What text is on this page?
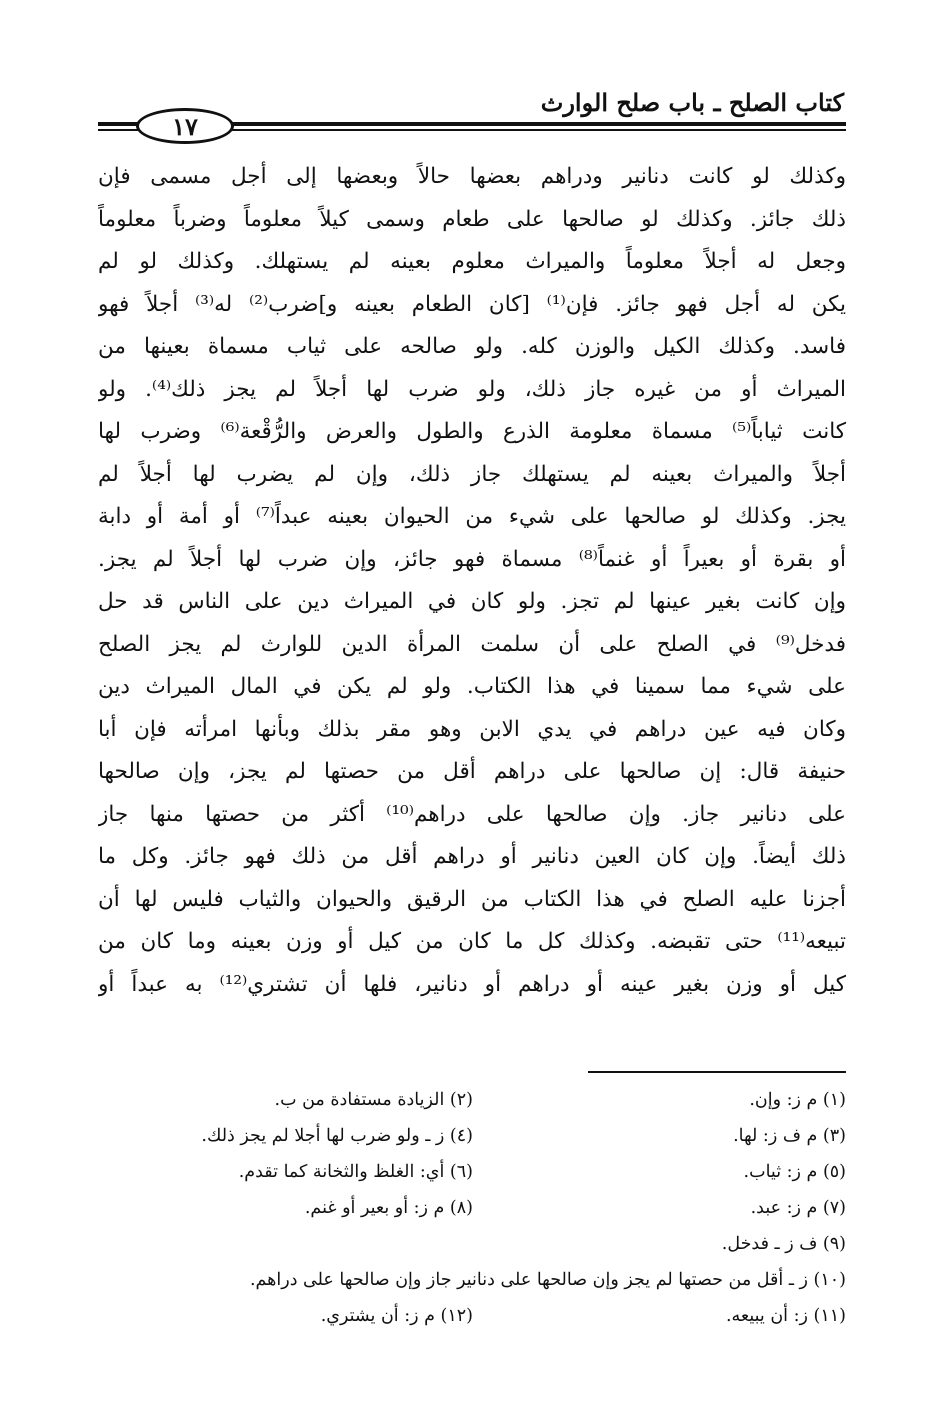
كتاب الصلح ـ باب صلح الوارث
١٧
وكذلك لو كانت دنانير ودراهم بعضها حالاً وبعضها إلى أجل مسمى فإن
ذلك جائز. وكذلك لو صالحها على طعام وسمى كيلاً معلوماً وضرباً معلوماً
وجعل له أجلاً معلوماً والميراث معلوم بعينه لم يستهلك. وكذلك لو لم
يكن له أجل فهو جائز. فإن⁽¹⁾ [كان الطعام بعينه و]ضرب⁽²⁾ له⁽³⁾ أجلاً فهو
فاسد. وكذلك الكيل والوزن كله. ولو صالحه على ثياب مسماة بعينها من
الميراث أو من غيره جاز ذلك، ولو ضرب لها أجلاً لم يجز ذلك⁽⁴⁾. ولو
كانت ثياباً⁽⁵⁾ مسماة معلومة الذرع والطول والعرض والرُّقْعة⁽⁶⁾ وضرب لها
أجلاً والميراث بعينه لم يستهلك جاز ذلك، وإن لم يضرب لها أجلاً لم
يجز. وكذلك لو صالحها على شيء من الحيوان بعينه عبداً⁽⁷⁾ أو أمة أو دابة
أو بقرة أو بعيراً أو غنماً⁽⁸⁾ مسماة فهو جائز، وإن ضرب لها أجلاً لم يجز.
وإن كانت بغير عينها لم تجز. ولو كان في الميراث دين على الناس قد حل
فدخل⁽⁹⁾ في الصلح على أن سلمت المرأة الدين للوارث لم يجز الصلح
على شيء مما سمينا في هذا الكتاب. ولو لم يكن في المال الميراث دين
وكان فيه عين دراهم في يدي الابن وهو مقر بذلك وبأنها امرأته فإن أبا
حنيفة قال: إن صالحها على دراهم أقل من حصتها لم يجز، وإن صالحها
على دنانير جاز. وإن صالحها على دراهم⁽¹⁰⁾ أكثر من حصتها منها جاز
ذلك أيضاً. وإن كان العين دنانير أو دراهم أقل من ذلك فهو جائز. وكل ما
أجزنا عليه الصلح في هذا الكتاب من الرقيق والحيوان والثياب فليس لها أن
تبيعه⁽¹¹⁾ حتى تقبضه. وكذلك كل ما كان من كيل أو وزن بعينه وما كان من
كيل أو وزن بغير عينه أو دراهم أو دنانير، فلها أن تشتري⁽¹²⁾ به عبداً أو
(١) م ز: وإن.
(٢) الزيادة مستفادة من ب.
(٣) م ف ز: لها.
(٤) ز ـ ولو ضرب لها أجلا لم يجز ذلك.
(٥) م ز: ثياب.
(٦) أي: الغلظ والثخانة كما تقدم.
(٧) م ز: عبد.
(٨) م ز: أو بعير أو غنم.
(٩) ف ز ـ فدخل.
(١٠) ز ـ أقل من حصتها لم يجز وإن صالحها على دنانير جاز وإن صالحها على دراهم.
(١١) ز: أن يبيعه.
(١٢) م ز: أن يشتري.
